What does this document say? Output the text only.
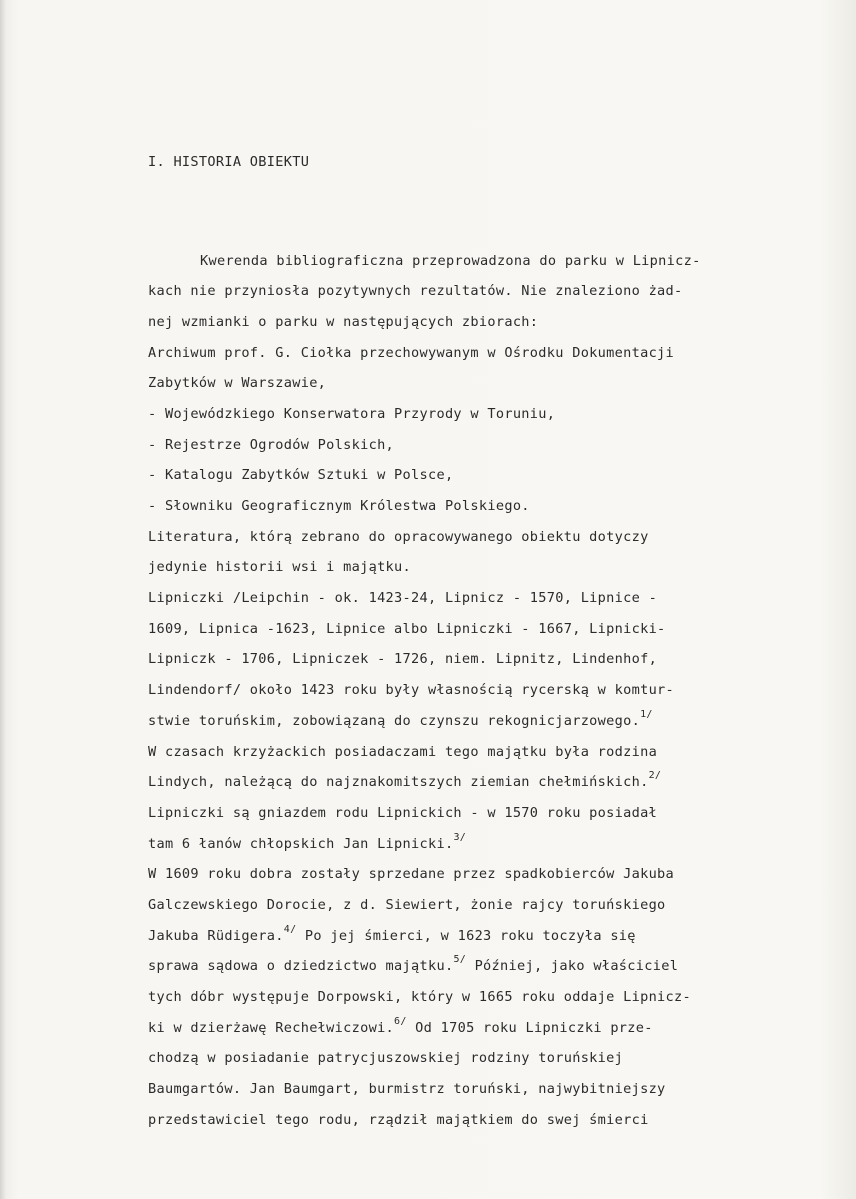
I. HISTORIA OBIEKTU

Kwerenda bibliograficzna przeprowadzona do parku w Lipnicz-
kach nie przyniosła pozytywnych rezultatów. Nie znaleziono żad-
nej wzmianki o parku w następujących zbiorach:
Archiwum prof. G. Ciołka przechowywanym w Ośrodku Dokumentacji
Zabytków w Warszawie,
- Wojewódzkiego Konserwatora Przyrody w Toruniu,
- Rejestrze Ogrodów Polskich,
- Katalogu Zabytków Sztuki w Polsce,
- Słowniku Geograficznym Królestwa Polskiego.
Literatura, którą zebrano do opracowywanego obiektu dotyczy
jedynie historii wsi i majątku.
Lipniczki /Leipchin - ok. 1423-24, Lipnicz - 1570, Lipnice -
1609, Lipnica -1623, Lipnice albo Lipniczki - 1667, Lipnicki-
Lipniczk - 1706, Lipniczek - 1726, niem. Lipnitz, Lindenhof,
Lindendorf/ około 1423 roku były własnością rycerską w komtur-
stwie toruńskim, zobowiązaną do czynszu rekognicjarzowego.$^{1/}$
W czasach krzyżackich posiadaczami tego majątku była rodzina
Lindych, należącą do najznakomitszych ziemian chełmińskich.$^{2/}$
Lipniczki są gniazdem rodu Lipnickich - w 1570 roku posiadał
tam 6 łanów chłopskich Jan Lipnicki.$^{3/}$
W 1609 roku dobra zostały sprzedane przez spadkobierców Jakuba
Galczewskiego Dorocie, z d. Siewiert, żonie rajcy toruńskiego
Jakuba Rüdigera.$^{4/}$ Po jej śmierci, w 1623 roku toczyła się
sprawa sądowa o dziedzictwo majątku.$^{5/}$ Później, jako właściciel
tych dóbr występuje Dorpowski, który w 1665 roku oddaje Lipnicz-
ki w dzierżawę Rechełwiczowi.$^{6/}$ Od 1705 roku Lipniczki prze-
chodzą w posiadanie patrycjuszowskiej rodziny toruńskiej
Baumgartów. Jan Baumgart, burmistrz toruński, najwybitniejszy
przedstawiciel tego rodu, rządził majątkiem do swej śmierci
